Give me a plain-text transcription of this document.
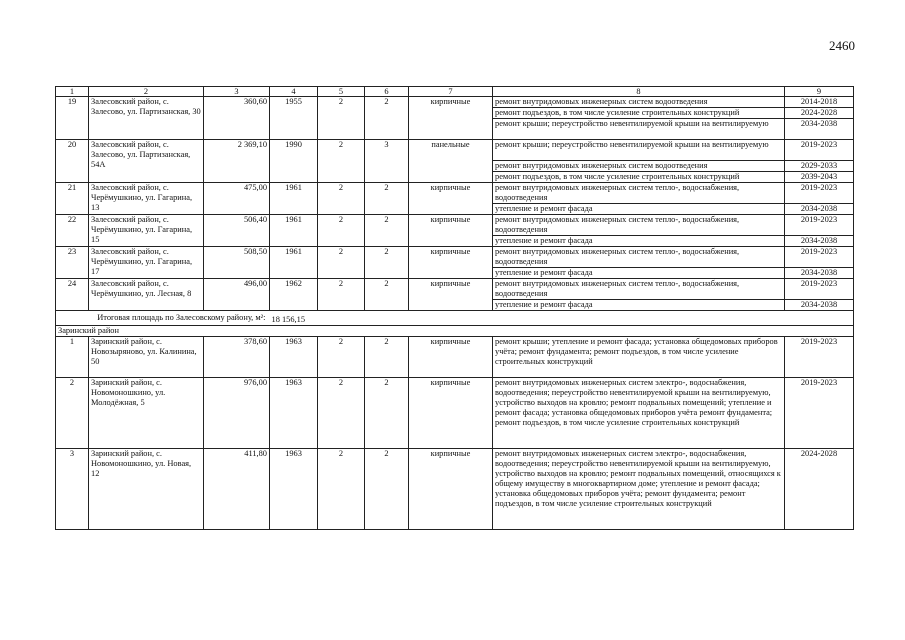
2460
1	2	3	4	5	6	7	8	9
19	Залесовский район, с. Залесово, ул. Партизанская, 30	360,60	1955	2	2	кирпичные	ремонт внутридомовых инженерных систем водоотведения	2014-2018
							ремонт подъездов, в том числе усиление строительных конструкций	2024-2028
							ремонт крыши; переустройство невентилируемой крыши на вентилируемую	2034-2038
20	Залесовский район, с. Залесово, ул. Партизанская, 54А	2 369,10	1990	2	3	панельные	ремонт крыши; переустройство невентилируемой крыши на вентилируемую	2019-2023
							ремонт внутридомовых инженерных систем водоотведения	2029-2033
							ремонт подъездов, в том числе усиление строительных конструкций	2039-2043
21	Залесовский район, с. Черёмушкино, ул. Гагарина, 13	475,00	1961	2	2	кирпичные	ремонт внутридомовых инженерных систем тепло-, водоснабжения, водоотведения	2019-2023
							утепление и ремонт фасада	2034-2038
22	Залесовский район, с. Черёмушкино, ул. Гагарина, 15	506,40	1961	2	2	кирпичные	ремонт внутридомовых инженерных систем тепло-, водоснабжения, водоотведения	2019-2023
							утепление и ремонт фасада	2034-2038
23	Залесовский район, с. Черёмушкино, ул. Гагарина, 17	508,50	1961	2	2	кирпичные	ремонт внутридомовых инженерных систем тепло-, водоснабжения, водоотведения	2019-2023
							утепление и ремонт фасада	2034-2038
24	Залесовский район, с. Черёмушкино, ул. Лесная, 8	496,00	1962	2	2	кирпичные	ремонт внутридомовых инженерных систем тепло-, водоснабжения, водоотведения	2019-2023
							утепление и ремонт фасада	2034-2038
Итоговая площадь по Залесовскому району, м²:			18 156,15					
Заринский район								
1	Заринский район, с. Новозыряново, ул. Калинина, 50	378,60	1963	2	2	кирпичные	ремонт крыши; утепление и ремонт фасада; установка общедомовых приборов учёта; ремонт фундамента; ремонт подъездов, в том числе усиление строительных конструкций	2019-2023
2	Заринский район, с. Новомоношкино, ул. Молодёжная, 5	976,00	1963	2	2	кирпичные	ремонт внутридомовых инженерных систем электро-, водоснабжения, водоотведения; переустройство невентилируемой крыши на вентилируемую, устройство выходов на кровлю; ремонт подвальных помещений; утепление и ремонт фасада; установка общедомовых приборов учёта ремонт фундамента; ремонт подъездов, в том числе усиление строительных конструкций	2019-2023
3	Заринский район, с. Новомоношкино, ул. Новая, 12	411,80	1963	2	2	кирпичные	ремонт внутридомовых инженерных систем электро-, водоснабжения, водоотведения; переустройство невентилируемой крыши на вентилируемую, устройство выходов на кровлю; ремонт подвальных помещений, относящихся к общему имуществу в многоквартирном доме; утепление и ремонт фасада; установка общедомовых приборов учёта; ремонт фундамента; ремонт подъездов, в том числе усиление строительных конструкций	2024-2028
